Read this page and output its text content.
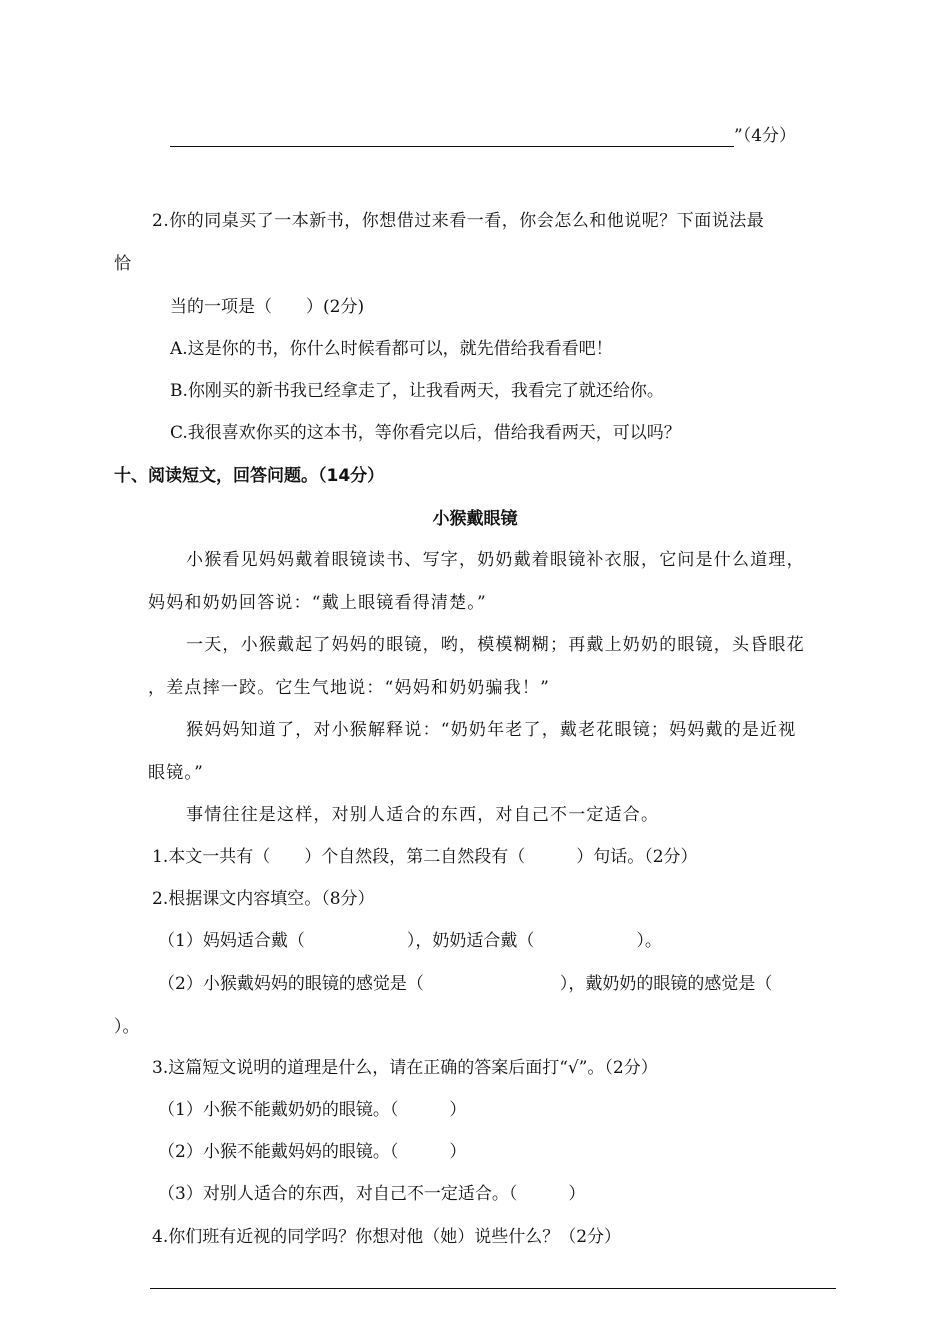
”（4分）
2.你的同桌买了一本新书，你想借过来看一看，你会怎么和他说呢？下面说法最
恰
当的一项是（　　）(2分)
A.这是你的书，你什么时候看都可以，就先借给我看看吧！
B.你刚买的新书我已经拿走了，让我看两天，我看完了就还给你。
C.我很喜欢你买的这本书，等你看完以后，借给我看两天，可以吗？
十、阅读短文，回答问题。（14分）
小猴戴眼镜
小猴看见妈妈戴着眼镜读书、写字，奶奶戴着眼镜补衣服，它问是什么道理，
妈妈和奶奶回答说：“戴上眼镜看得清楚。”
一天，小猴戴起了妈妈的眼镜，哟，模模糊糊；再戴上奶奶的眼镜，头昏眼花
，差点摔一跤。它生气地说：“妈妈和奶奶骗我！”
猴妈妈知道了，对小猴解释说：“奶奶年老了，戴老花眼镜；妈妈戴的是近视
眼镜。”
事情往往是这样，对别人适合的东西，对自己不一定适合。
1.本文一共有（　　）个自然段，第二自然段有（　　　）句话。（2分）
2.根据课文内容填空。（8分）
（1）妈妈适合戴（　　　　　　），奶奶适合戴（　　　　　　）。
（2）小猴戴妈妈的眼镜的感觉是（　　　　　　　　），戴奶奶的眼镜的感觉是（
）。
3.这篇短文说明的道理是什么，请在正确的答案后面打“√”。（2分）
（1）小猴不能戴奶奶的眼镜。（　　　）
（2）小猴不能戴妈妈的眼镜。（　　　）
（3）对别人适合的东西，对自己不一定适合。（　　　）
4.你们班有近视的同学吗？你想对他（她）说些什么？（2分）
